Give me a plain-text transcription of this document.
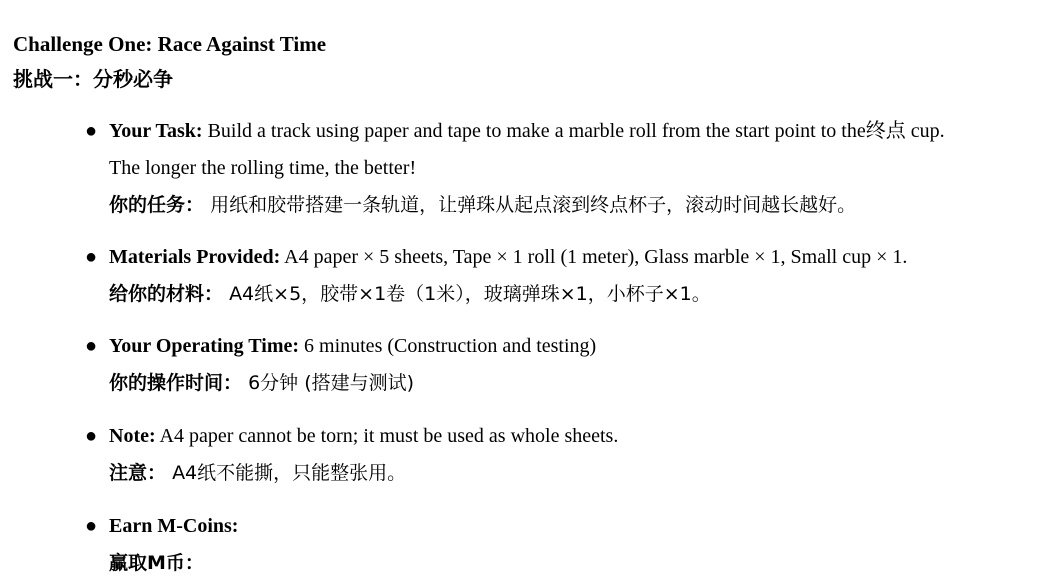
Challenge One: Race Against Time
挑战一：分秒必争
● Your Task: Build a track using paper and tape to make a marble roll from the start point to the终点 cup.
The longer the rolling time, the better!
你的任务： 用纸和胶带搭建一条轨道，让弹珠从起点滚到终点杯子，滚动时间越长越好。
● Materials Provided: A4 paper × 5 sheets, Tape × 1 roll (1 meter), Glass marble × 1, Small cup × 1.
给你的材料： A4纸×5，胶带×1卷（1米），玻璃弹珠×1，小杯子×1。
● Your Operating Time: 6 minutes (Construction and testing)
你的操作时间： 6分钟 (搭建与测试)
● Note: A4 paper cannot be torn; it must be used as whole sheets.
注意： A4纸不能撕，只能整张用。
● Earn M-Coins:
赢取M币：
